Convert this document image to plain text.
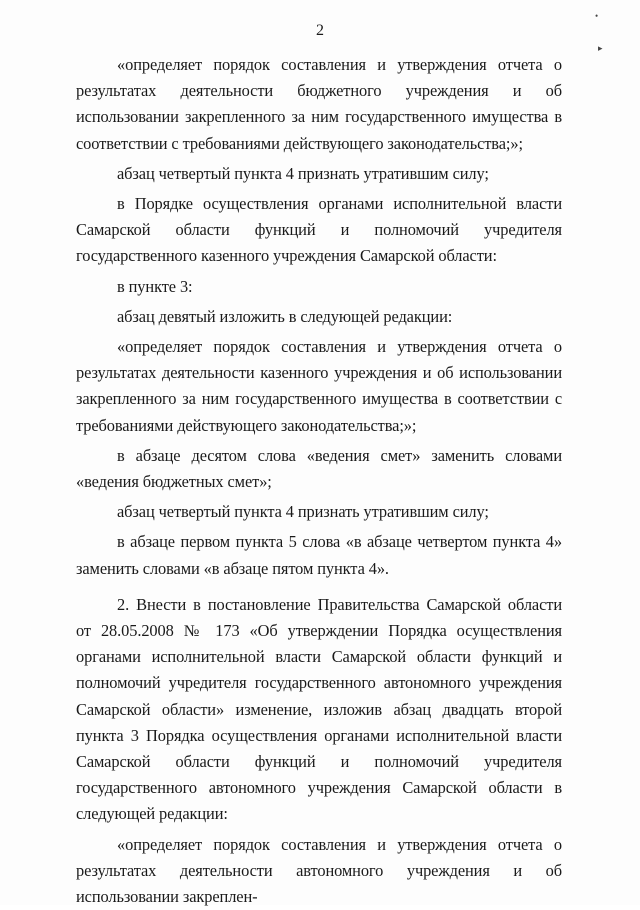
2
•
▸

«определяет порядок составления и утверждения отчета о результатах деятельности бюджетного учреждения и об использовании закрепленного за ним государственного имущества в соответствии с требованиями действующего законодательства;»;

абзац четвертый пункта 4 признать утратившим силу;

в Порядке осуществления органами исполнительной власти Самарской области функций и полномочий учредителя государственного казенного учреждения Самарской области:

в пункте 3:

абзац девятый изложить в следующей редакции:

«определяет порядок составления и утверждения отчета о результатах деятельности казенного учреждения и об использовании закрепленного за ним государственного имущества в соответствии с требованиями действующего законодательства;»;

в абзаце десятом слова «ведения смет» заменить словами «ведения бюджетных смет»;

абзац четвертый пункта 4 признать утратившим силу;

в абзаце первом пункта 5 слова «в абзаце четвертом пункта 4» заменить словами «в абзаце пятом пункта 4».

2. Внести в постановление Правительства Самарской области от 28.05.2008 № 173 «Об утверждении Порядка осуществления органами исполнительной власти Самарской области функций и полномочий учредителя государственного автономного учреждения Самарской области» изменение, изложив абзац двадцать второй пункта 3 Порядка осуществления органами исполнительной власти Самарской области функций и полномочий учредителя государственного автономного учреждения Самарской области в следующей редакции:

«определяет порядок составления и утверждения отчета о результатах деятельности автономного учреждения и об использовании закреплен-
